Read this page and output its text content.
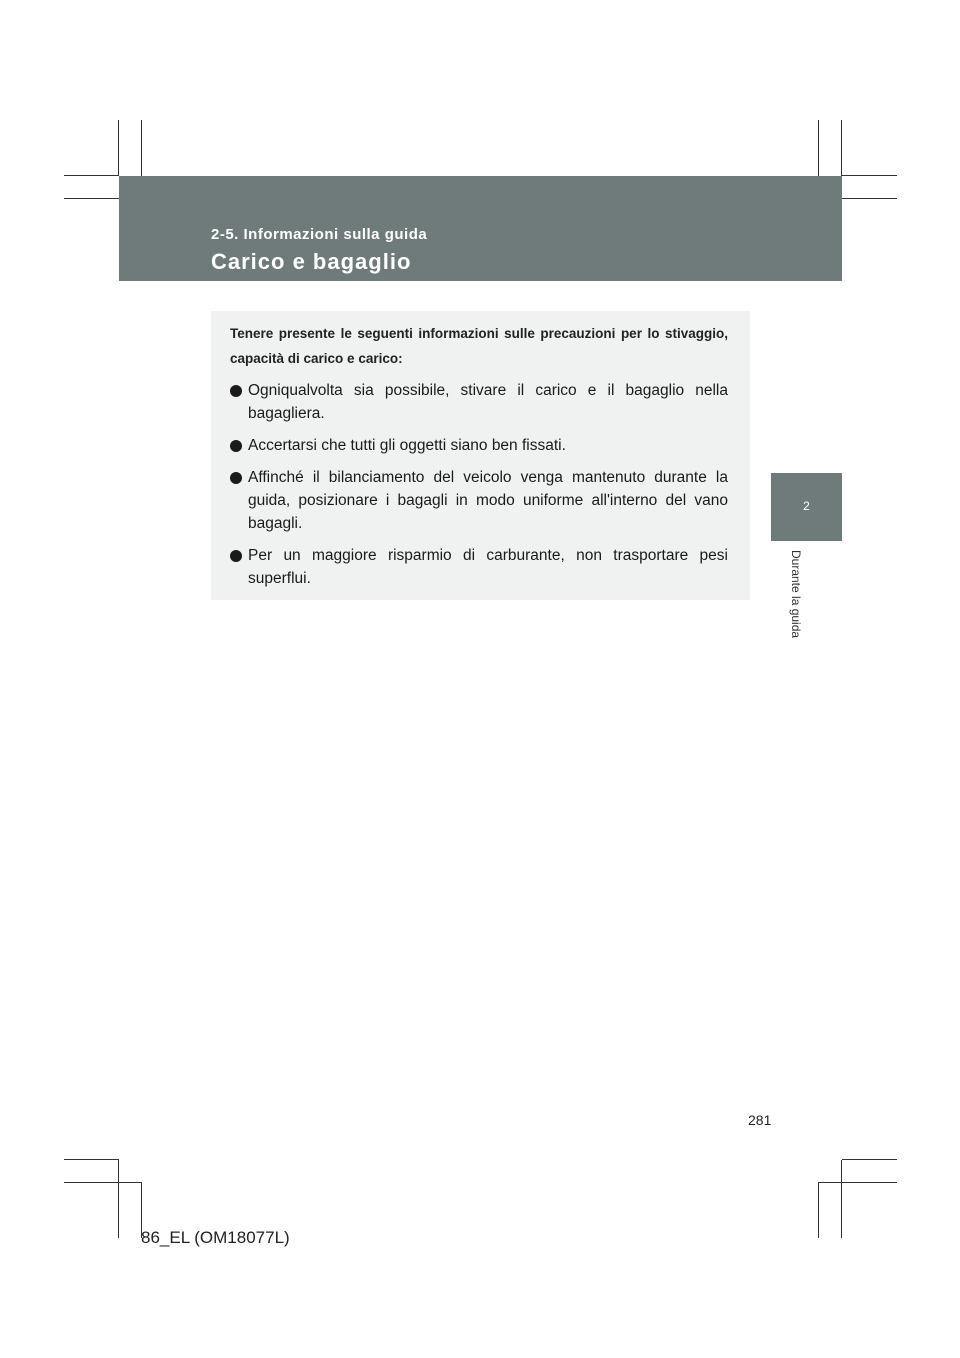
2-5. Informazioni sulla guida
Carico e bagaglio
2
Durante la guida

Tenere presente le seguenti informazioni sulle precauzioni per lo stivaggio, capacità di carico e carico:

Ogniqualvolta sia possibile, stivare il carico e il bagaglio nella bagagliera.
Accertarsi che tutti gli oggetti siano ben fissati.
Affinché il bilanciamento del veicolo venga mantenuto durante la guida, posizionare i bagagli in modo uniforme all'interno del vano bagagli.
Per un maggiore risparmio di carburante, non trasportare pesi superflui.
281
86_EL (OM18077L)
